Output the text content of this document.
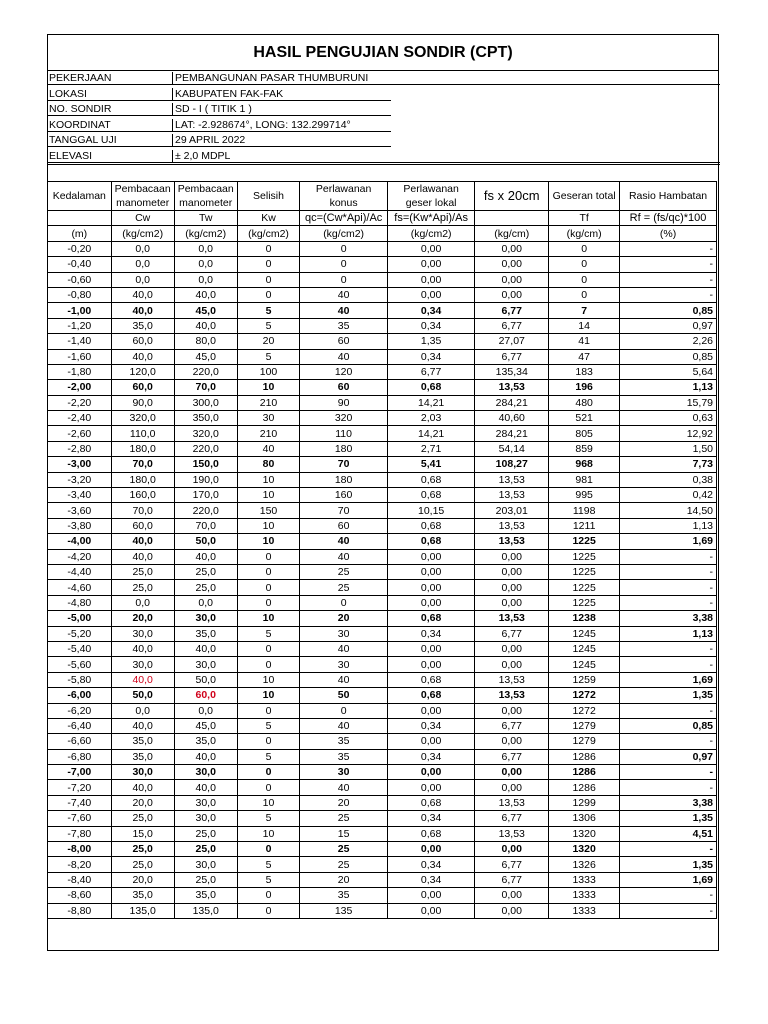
HASIL PENGUJIAN SONDIR (CPT)
PEKERJAAN	PEMBANGUNAN PASAR THUMBURUNI
LOKASI	KABUPATEN FAK-FAK
NO. SONDIR	SD - I ( TITIK 1 )
KOORDINAT	LAT: -2.928674°, LONG: 132.299714°
TANGGAL UJI	29 APRIL 2022
ELEVASI	± 2,0 MDPL
Kedalaman	Pembacaan manometer	Pembacaan manometer	Selisih	Perlawanan konus	Perlawanan geser lokal	fs x 20cm	Geseran total	Rasio Hambatan
	Cw	Tw	Kw	qc=(Cw*Api)/Ac	fs=(Kw*Api)/As		Tf	Rf = (fs/qc)*100
(m)	(kg/cm2)	(kg/cm2)	(kg/cm2)	(kg/cm2)	(kg/cm2)	(kg/cm)	(kg/cm)	(%)
-0,20	0,0	0,0	0	0	0,00	0,00	0	-
-0,40	0,0	0,0	0	0	0,00	0,00	0	-
-0,60	0,0	0,0	0	0	0,00	0,00	0	-
-0,80	40,0	40,0	0	40	0,00	0,00	0	-
-1,00	40,0	45,0	5	40	0,34	6,77	7	0,85
-1,20	35,0	40,0	5	35	0,34	6,77	14	0,97
-1,40	60,0	80,0	20	60	1,35	27,07	41	2,26
-1,60	40,0	45,0	5	40	0,34	6,77	47	0,85
-1,80	120,0	220,0	100	120	6,77	135,34	183	5,64
-2,00	60,0	70,0	10	60	0,68	13,53	196	1,13
-2,20	90,0	300,0	210	90	14,21	284,21	480	15,79
-2,40	320,0	350,0	30	320	2,03	40,60	521	0,63
-2,60	110,0	320,0	210	110	14,21	284,21	805	12,92
-2,80	180,0	220,0	40	180	2,71	54,14	859	1,50
-3,00	70,0	150,0	80	70	5,41	108,27	968	7,73
-3,20	180,0	190,0	10	180	0,68	13,53	981	0,38
-3,40	160,0	170,0	10	160	0,68	13,53	995	0,42
-3,60	70,0	220,0	150	70	10,15	203,01	1198	14,50
-3,80	60,0	70,0	10	60	0,68	13,53	1211	1,13
-4,00	40,0	50,0	10	40	0,68	13,53	1225	1,69
-4,20	40,0	40,0	0	40	0,00	0,00	1225	-
-4,40	25,0	25,0	0	25	0,00	0,00	1225	-
-4,60	25,0	25,0	0	25	0,00	0,00	1225	-
-4,80	0,0	0,0	0	0	0,00	0,00	1225	-
-5,00	20,0	30,0	10	20	0,68	13,53	1238	3,38
-5,20	30,0	35,0	5	30	0,34	6,77	1245	1,13
-5,40	40,0	40,0	0	40	0,00	0,00	1245	-
-5,60	30,0	30,0	0	30	0,00	0,00	1245	-
-5,80	40,0	50,0	10	40	0,68	13,53	1259	1,69
-6,00	50,0	60,0	10	50	0,68	13,53	1272	1,35
-6,20	0,0	0,0	0	0	0,00	0,00	1272	-
-6,40	40,0	45,0	5	40	0,34	6,77	1279	0,85
-6,60	35,0	35,0	0	35	0,00	0,00	1279	-
-6,80	35,0	40,0	5	35	0,34	6,77	1286	0,97
-7,00	30,0	30,0	0	30	0,00	0,00	1286	-
-7,20	40,0	40,0	0	40	0,00	0,00	1286	-
-7,40	20,0	30,0	10	20	0,68	13,53	1299	3,38
-7,60	25,0	30,0	5	25	0,34	6,77	1306	1,35
-7,80	15,0	25,0	10	15	0,68	13,53	1320	4,51
-8,00	25,0	25,0	0	25	0,00	0,00	1320	-
-8,20	25,0	30,0	5	25	0,34	6,77	1326	1,35
-8,40	20,0	25,0	5	20	0,34	6,77	1333	1,69
-8,60	35,0	35,0	0	35	0,00	0,00	1333	-
-8,80	135,0	135,0	0	135	0,00	0,00	1333	-
